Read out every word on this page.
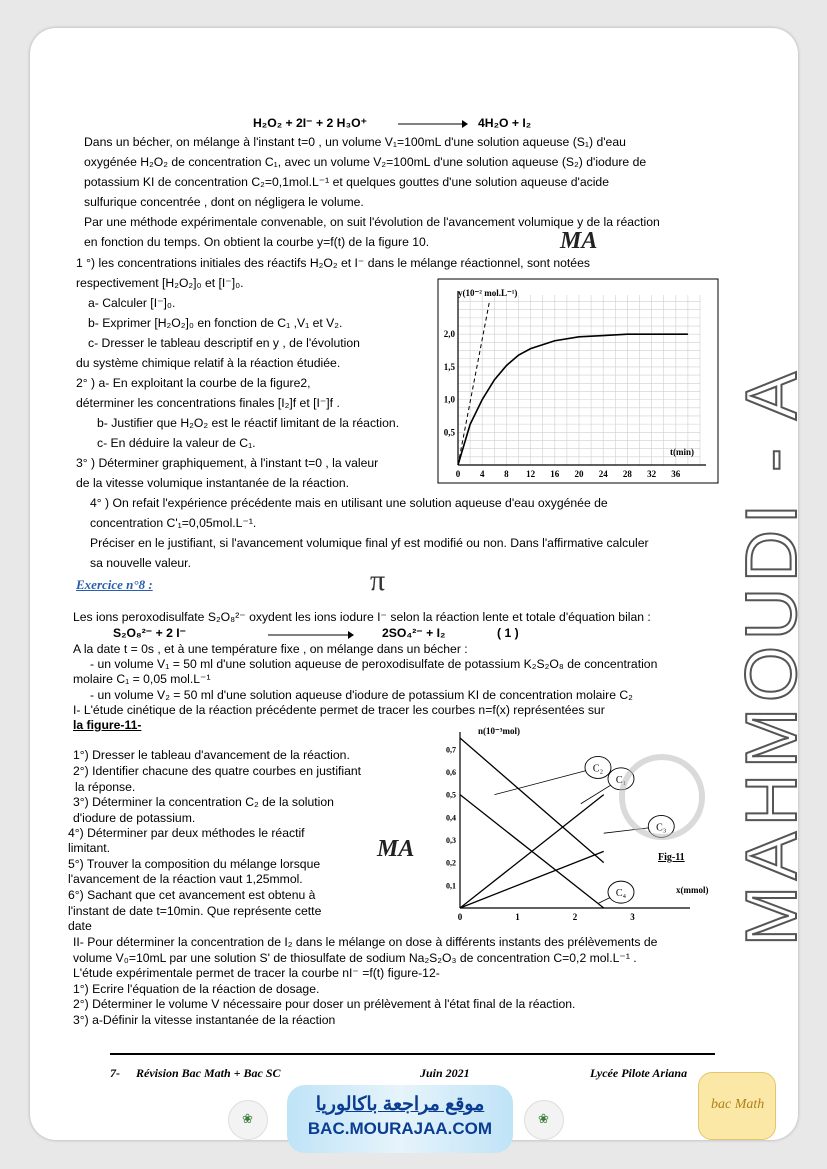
H₂O₂ + 2I⁻ + 2 H₃O⁺	4H₂O + I₂
Dans un bécher, on mélange à l'instant t=0 , un volume V₁=100mL d'une solution aqueuse (S₁) d'eau
oxygénée H₂O₂ de concentration C₁, avec un volume V₂=100mL d'une solution aqueuse (S₂) d'iodure de
potassium KI de concentration C₂=0,1mol.L⁻¹ et quelques gouttes d'une solution aqueuse d'acide
sulfurique concentrée , dont on négligera le volume.
Par une méthode expérimentale convenable, on suit l'évolution de l'avancement volumique y de la réaction
en fonction du temps. On obtient la courbe y=f(t) de la figure 10.	MA
1 °) les concentrations initiales des réactifs H₂O₂ et I⁻ dans le mélange réactionnel, sont notées
respectivement [H₂O₂]₀ et [I⁻]₀.
a- Calculer [I⁻]₀.
b- Exprimer [H₂O₂]₀ en fonction de C₁ ,V₁ et V₂.
c- Dresser le tableau descriptif en y , de l'évolution
du système chimique relatif à la réaction étudiée.
2° ) a- En exploitant la courbe de la figure2,
déterminer les concentrations finales [I₂]f et [I⁻]f .
b- Justifier que H₂O₂ est le réactif limitant de la réaction.
c- En déduire la valeur de C₁.
3° ) Déterminer graphiquement, à l'instant t=0 , la valeur
de la vitesse volumique instantanée de la réaction.
4° ) On refait l'expérience précédente mais en utilisant une solution aqueuse d'eau oxygénée de
concentration C'₁=0,05mol.L⁻¹.
Préciser en le justifiant, si l'avancement volumique final yf est modifié ou non. Dans l'affirmative calculer
sa nouvelle valeur.
0 4 8 12 16 20 24 28 32 36
0,5
1,0
1,5
2,0
y(10⁻² mol.L⁻¹)
t(min)
Exercice n°8 :	π
Les ions peroxodisulfate S₂O₈²⁻ oxydent les ions iodure I⁻ selon la réaction lente et totale d'équation bilan :
S₂O₈²⁻ + 2 I⁻	2SO₄²⁻ + I₂	( 1 )
A la date t = 0s , et à une température fixe , on mélange dans un bécher :
- un volume V₁ = 50 ml d'une solution aqueuse de peroxodisulfate de potassium K₂S₂O₈ de concentration
molaire C₁ = 0,05 mol.L⁻¹
- un volume V₂ = 50 ml d'une solution aqueuse d'iodure de potassium KI de concentration molaire C₂
I- L'étude cinétique de la réaction précédente permet de tracer les courbes n=f(x) représentées sur
la figure-11-
1°) Dresser le tableau d'avancement de la réaction.
2°) Identifier chacune des quatre courbes en justifiant
la réponse.
3°) Déterminer la concentration C₂ de la solution
d'iodure de potassium.
4°) Déterminer par deux méthodes le réactif
limitant.
5°) Trouver la composition du mélange lorsque
l'avancement de la réaction vaut 1,25mmol.
6°) Sachant que cet avancement est obtenu à
l'instant de date t=10min. Que représente cette
date
MA
0	1	2	3
0,1
0,2
0,3
0,4
0,5
0,6
0,7
C₂
C₁
C₃
C₄
n(10⁻³mol)
x(mmol)
Fig-11
II- Pour déterminer la concentration de I₂ dans le mélange on dose à différents instants des prélèvements de
volume V₀=10mL par une solution S' de thiosulfate de sodium Na₂S₂O₃ de concentration C=0,2 mol.L⁻¹ .
L'étude expérimentale permet de tracer la courbe nI⁻ =f(t) figure-12-
1°) Ecrire l'équation de la réaction de dosage.
2°) Déterminer le volume V nécessaire pour doser un prélèvement à l'état final de la réaction.
3°) a-Définir la vitesse instantanée de la réaction
MAHMOUDI - A
7- Révision Bac Math + Bac SC	Juin 2021	Lycée Pilote Ariana
❀	❀
موقع مراجعة باكالوريا
BAC.MOURAJAA.COM
bac Math
